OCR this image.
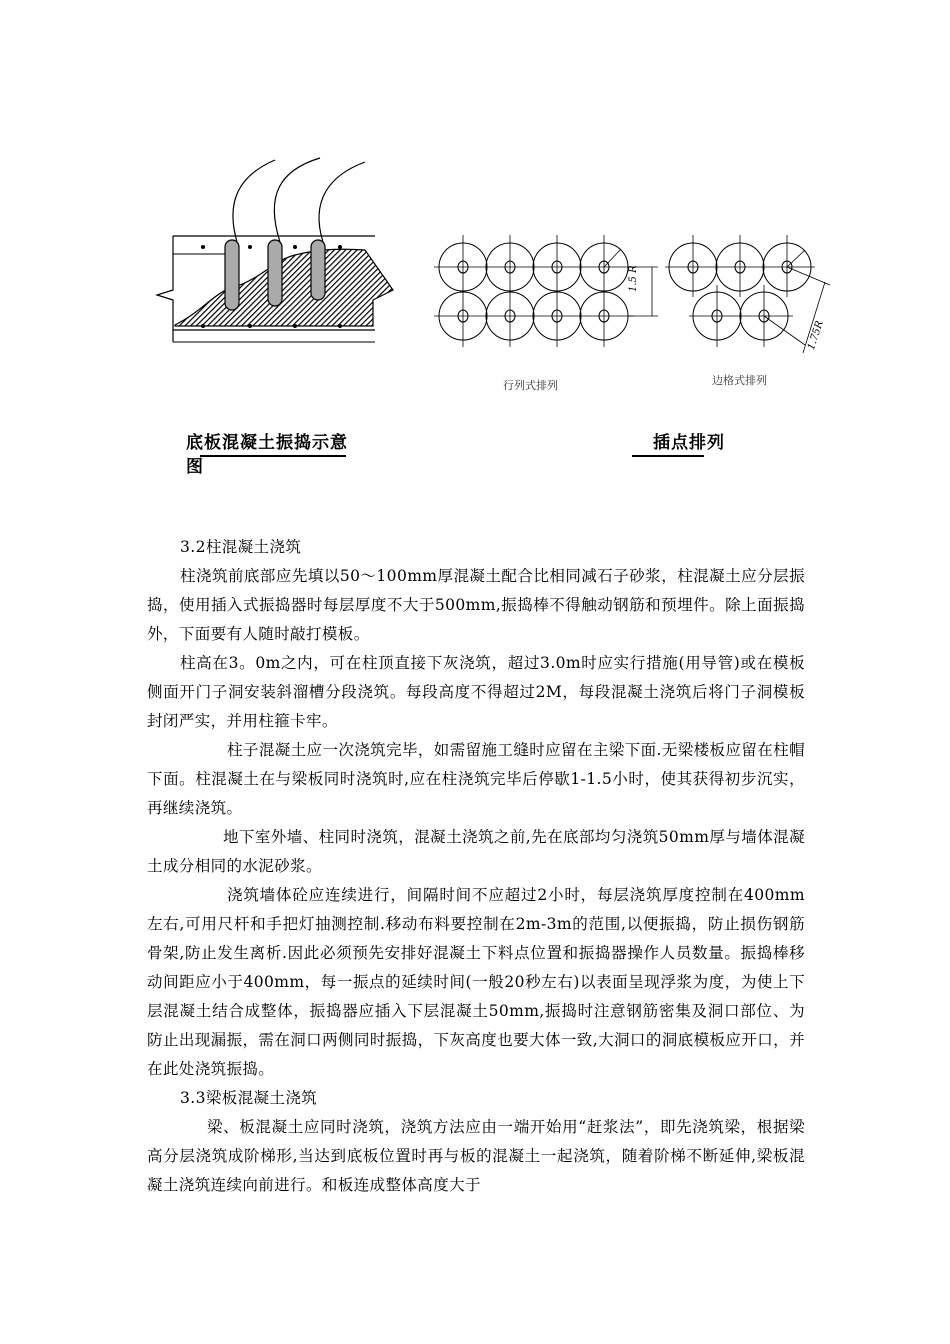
1.5 R
1.75R
行列式排列	边格式排列
底板混凝土振捣示意
图
插点排列
3.2柱混凝土浇筑

柱浇筑前底部应先填以50～100mm厚混凝土配合比相同减石子砂浆，柱混凝土应分层振捣，使用插入式振捣器时每层厚度不大于500mm,振捣棒不得触动钢筋和预埋件。除上面振捣外，下面要有人随时敲打模板。

柱高在3。0m之内，可在柱顶直接下灰浇筑，超过3.0m时应实行措施(用导管)或在模板侧面开门子洞安装斜溜槽分段浇筑。每段高度不得超过2M，每段混凝土浇筑后将门子洞模板封闭严实，并用柱箍卡牢。

柱子混凝土应一次浇筑完毕，如需留施工缝时应留在主梁下面.无梁楼板应留在柱帽下面。柱混凝土在与梁板同时浇筑时,应在柱浇筑完毕后停歇1-1.5小时，使其获得初步沉实，再继续浇筑。

地下室外墙、柱同时浇筑，混凝土浇筑之前,先在底部均匀浇筑50mm厚与墙体混凝土成分相同的水泥砂浆。

浇筑墙体砼应连续进行，间隔时间不应超过2小时，每层浇筑厚度控制在400mm左右,可用尺杆和手把灯抽测控制.移动布料要控制在2m-3m的范围,以便振捣，防止损伤钢筋骨架,防止发生离析.因此必须预先安排好混凝土下料点位置和振捣器操作人员数量。振捣棒移动间距应小于400mm，每一振点的延续时间(一般20秒左右)以表面呈现浮浆为度，为使上下层混凝土结合成整体，振捣器应插入下层混凝土50mm,振捣时注意钢筋密集及洞口部位、为防止出现漏振，需在洞口两侧同时振捣，下灰高度也要大体一致,大洞口的洞底模板应开口，并在此处浇筑振捣。

3.3梁板混凝土浇筑

梁、板混凝土应同时浇筑，浇筑方法应由一端开始用“赶浆法”，即先浇筑梁，根据梁高分层浇筑成阶梯形,当达到底板位置时再与板的混凝土一起浇筑，随着阶梯不断延伸,梁板混凝土浇筑连续向前进行。和板连成整体高度大于
